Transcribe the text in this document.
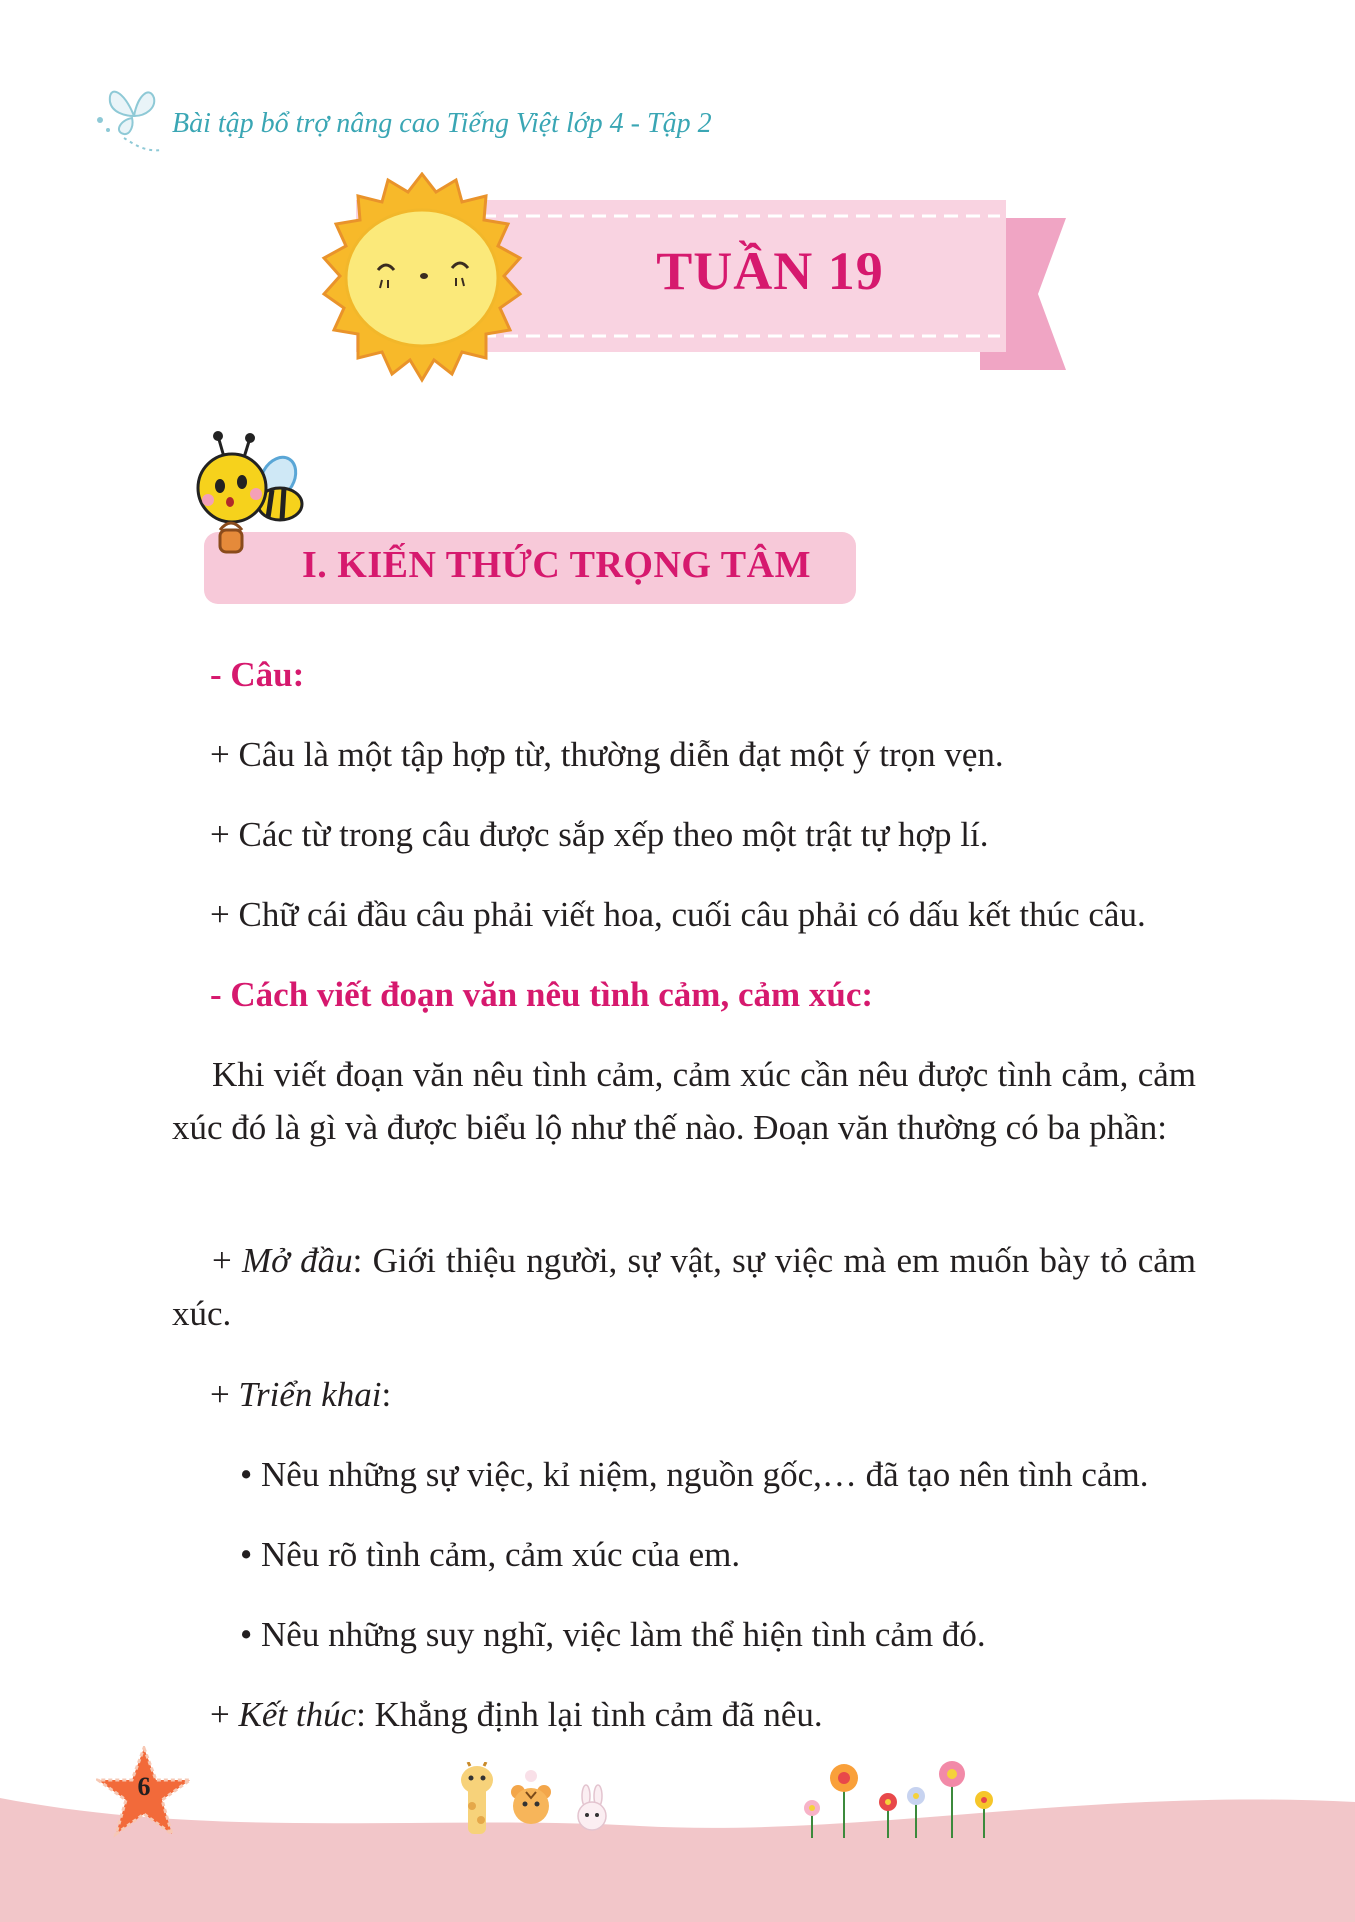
Bài tập bổ trợ nâng cao Tiếng Việt lớp 4 - Tập 2
TUẦN 19
I. KIẾN THỨC TRỌNG TÂM
- Câu:
+ Câu là một tập hợp từ, thường diễn đạt một ý trọn vẹn.
+ Các từ trong câu được sắp xếp theo một trật tự hợp lí.
+ Chữ cái đầu câu phải viết hoa, cuối câu phải có dấu kết thúc câu.
- Cách viết đoạn văn nêu tình cảm, cảm xúc:
Khi viết đoạn văn nêu tình cảm, cảm xúc cần nêu được tình cảm, cảm xúc đó là gì và được biểu lộ như thế nào. Đoạn văn thường có ba phần:
+ Mở đầu: Giới thiệu người, sự vật, sự việc mà em muốn bày tỏ cảm xúc.
+ Triển khai:
• Nêu những sự việc, kỉ niệm, nguồn gốc,… đã tạo nên tình cảm.
• Nêu rõ tình cảm, cảm xúc của em.
• Nêu những suy nghĩ, việc làm thể hiện tình cảm đó.
+ Kết thúc: Khẳng định lại tình cảm đã nêu.
6
